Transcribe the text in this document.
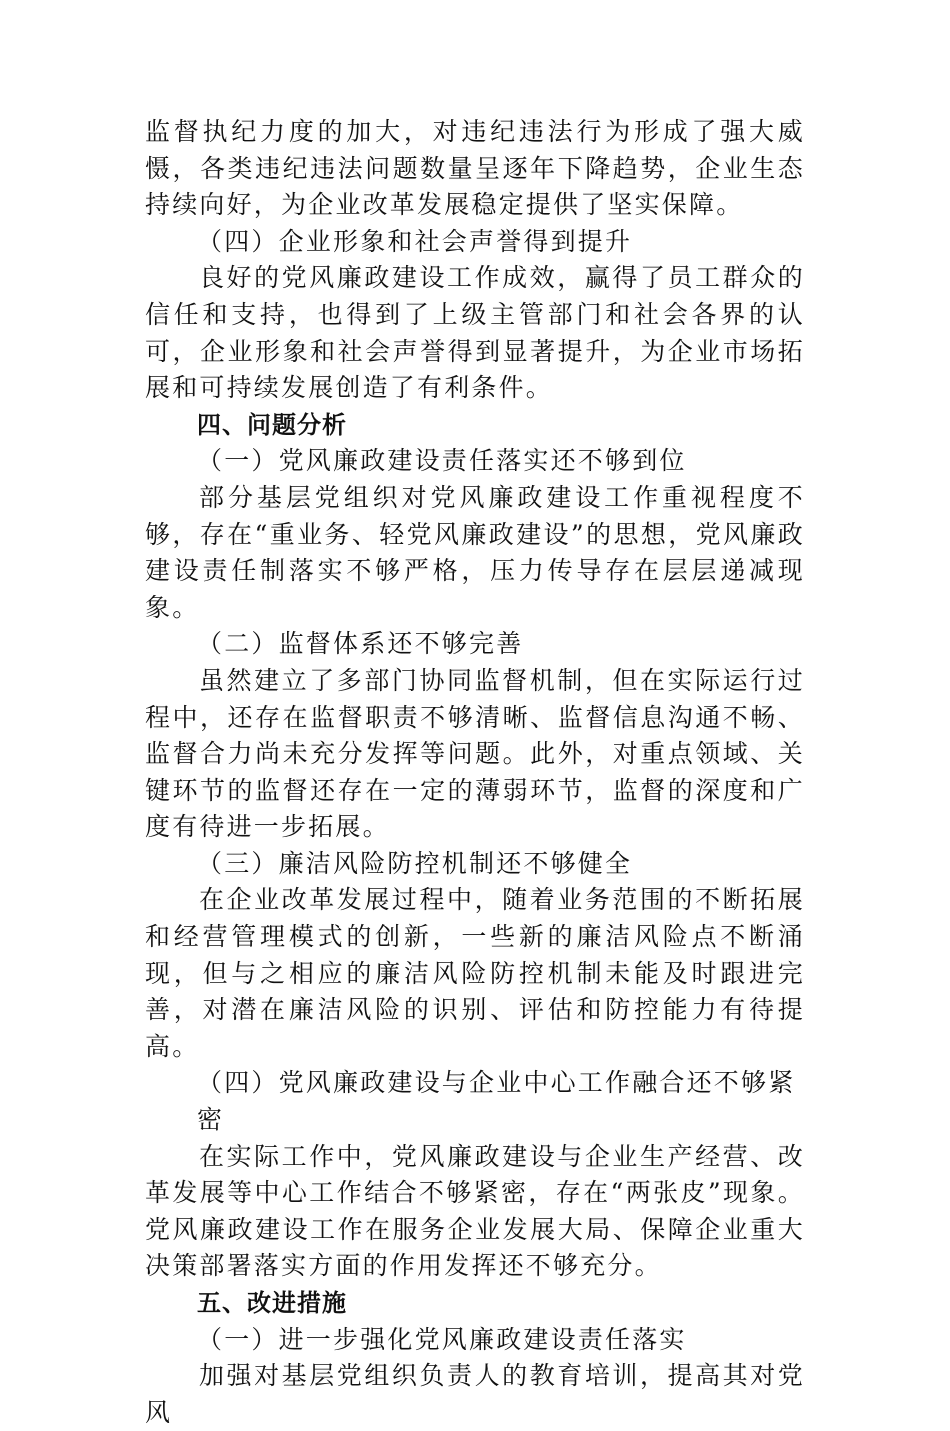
监督执纪力度的加大，对违纪违法行为形成了强大威慑，各类违纪违法问题数量呈逐年下降趋势，企业生态持续向好，为企业改革发展稳定提供了坚实保障。

（四）企业形象和社会声誉得到提升

良好的党风廉政建设工作成效，赢得了员工群众的信任和支持，也得到了上级主管部门和社会各界的认可，企业形象和社会声誉得到显著提升，为企业市场拓展和可持续发展创造了有利条件。

四、问题分析

（一）党风廉政建设责任落实还不够到位

部分基层党组织对党风廉政建设工作重视程度不够，存在“重业务、轻党风廉政建设”的思想，党风廉政建设责任制落实不够严格，压力传导存在层层递减现象。

（二）监督体系还不够完善

虽然建立了多部门协同监督机制，但在实际运行过程中，还存在监督职责不够清晰、监督信息沟通不畅、监督合力尚未充分发挥等问题。此外，对重点领域、关键环节的监督还存在一定的薄弱环节，监督的深度和广度有待进一步拓展。

（三）廉洁风险防控机制还不够健全

在企业改革发展过程中，随着业务范围的不断拓展和经营管理模式的创新，一些新的廉洁风险点不断涌现，但与之相应的廉洁风险防控机制未能及时跟进完善，对潜在廉洁风险的识别、评估和防控能力有待提高。

（四）党风廉政建设与企业中心工作融合还不够紧密

在实际工作中，党风廉政建设与企业生产经营、改革发展等中心工作结合不够紧密，存在“两张皮”现象。党风廉政建设工作在服务企业发展大局、保障企业重大决策部署落实方面的作用发挥还不够充分。

五、改进措施

（一）进一步强化党风廉政建设责任落实

加强对基层党组织负责人的教育培训，提高其对党风
